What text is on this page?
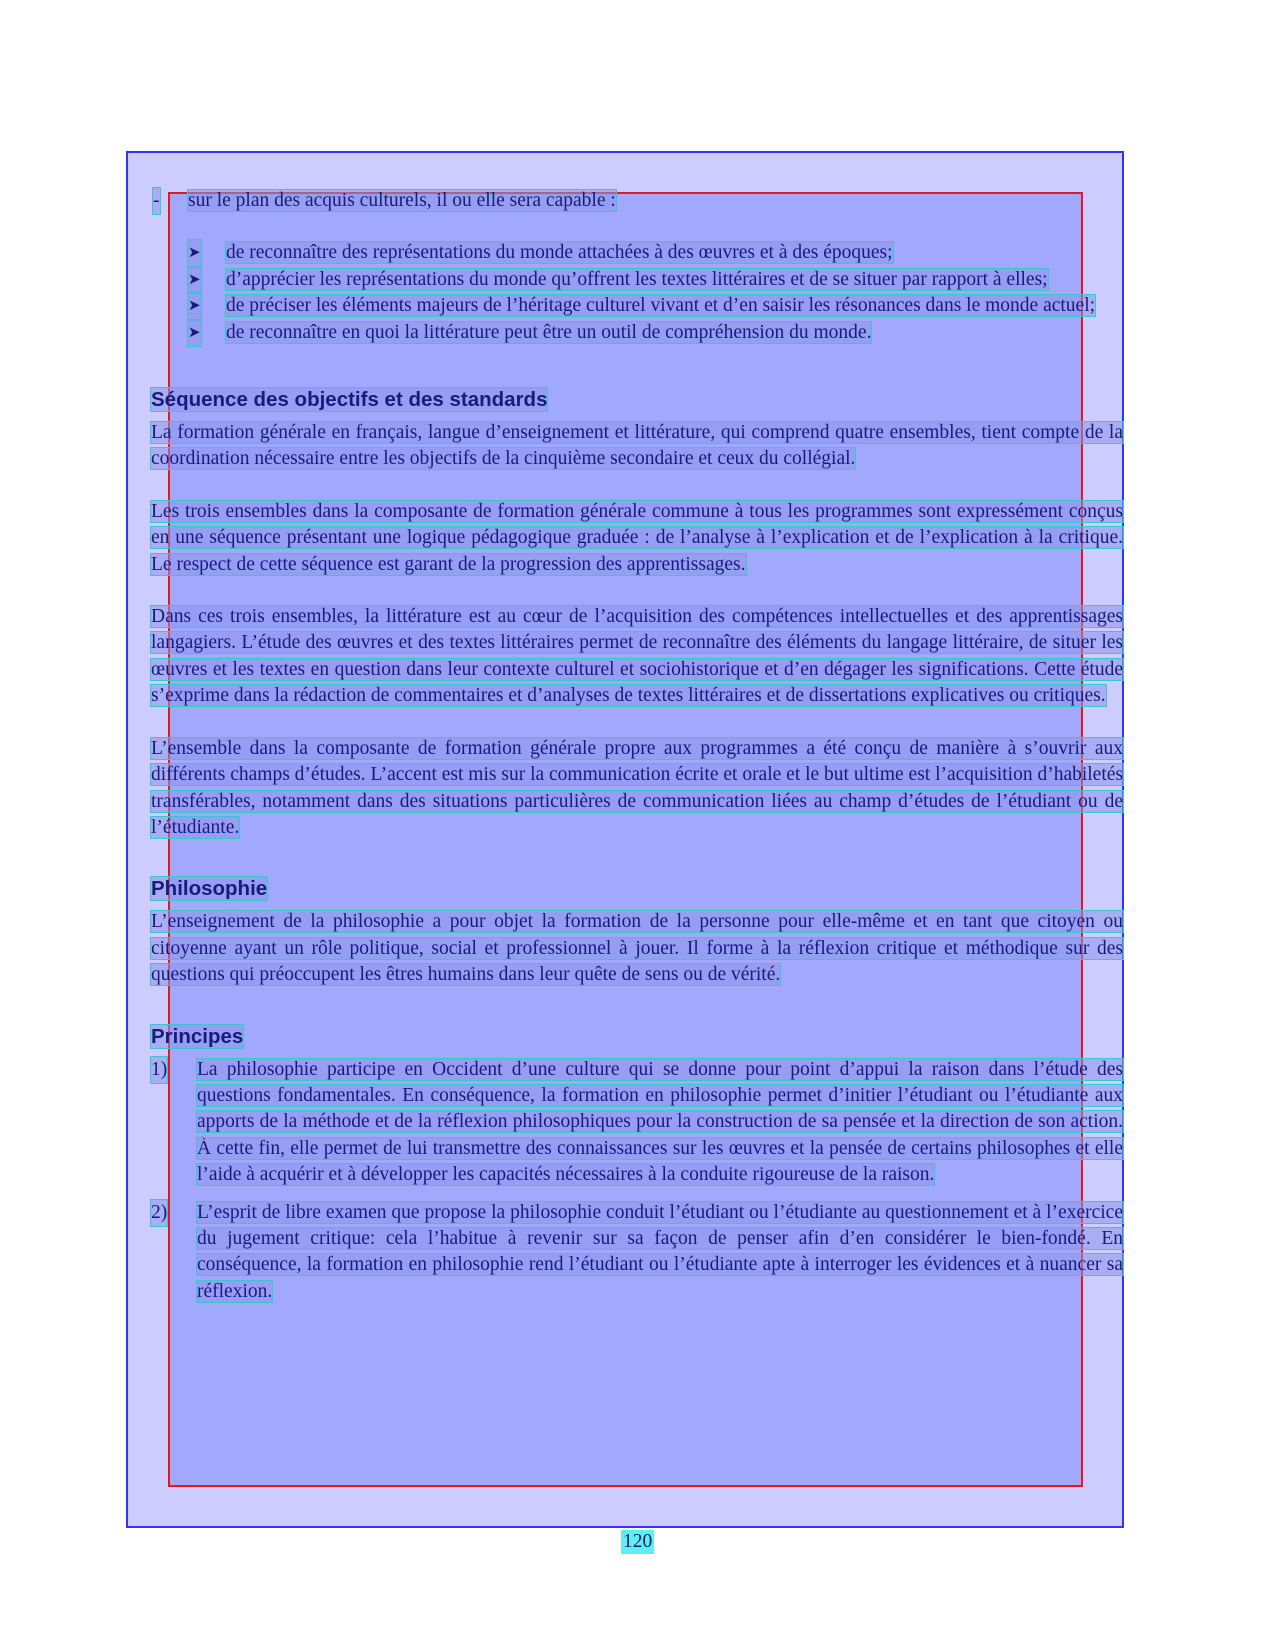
- sur le plan des acquis culturels, il ou elle sera capable :

➤ de reconnaître des représentations du monde attachées à des œuvres et à des époques;
➤ d’apprécier les représentations du monde qu’offrent les textes littéraires et de se situer par rapport à elles;
➤ de préciser les éléments majeurs de l’héritage culturel vivant et d’en saisir les résonances dans le monde actuel;
➤ de reconnaître en quoi la littérature peut être un outil de compréhension du monde.
Séquence des objectifs et des standards

La formation générale en français, langue d’enseignement et littérature, qui comprend quatre ensembles, tient compte de la coordination nécessaire entre les objectifs de la cinquième secondaire et ceux du collégial.

Les trois ensembles dans la composante de formation générale commune à tous les programmes sont expressément conçus en une séquence présentant une logique pédagogique graduée : de l’analyse à l’explication et de l’explication à la critique. Le respect de cette séquence est garant de la progression des apprentissages.

Dans ces trois ensembles, la littérature est au cœur de l’acquisition des compétences intellectuelles et des apprentissages langagiers. L’étude des œuvres et des textes littéraires permet de reconnaître des éléments du langage littéraire, de situer les œuvres et les textes en question dans leur contexte culturel et sociohistorique et d’en dégager les significations. Cette étude s’exprime dans la rédaction de commentaires et d’analyses de textes littéraires et de dissertations explicatives ou critiques.

L’ensemble dans la composante de formation générale propre aux programmes a été conçu de manière à s’ouvrir aux différents champs d’études. L’accent est mis sur la communication écrite et orale et le but ultime est l’acquisition d’habiletés transférables, notamment dans des situations particulières de communication liées au champ d’études de l’étudiant ou de l’étudiante.

Philosophie

L’enseignement de la philosophie a pour objet la formation de la personne pour elle-même et en tant que citoyen ou citoyenne ayant un rôle politique, social et professionnel à jouer. Il forme à la réflexion critique et méthodique sur des questions qui préoccupent les êtres humains dans leur quête de sens ou de vérité.

Principes

1) La philosophie participe en Occident d’une culture qui se donne pour point d’appui la raison dans l’étude des questions fondamentales. En conséquence, la formation en philosophie permet d’initier l’étudiant ou l’étudiante aux apports de la méthode et de la réflexion philosophiques pour la construction de sa pensée et la direction de son action. À cette fin, elle permet de lui transmettre des connaissances sur les œuvres et la pensée de certains philosophes et elle l’aide à acquérir et à développer les capacités nécessaires à la conduite rigoureuse de la raison.

2) L’esprit de libre examen que propose la philosophie conduit l’étudiant ou l’étudiante au questionnement et à l’exercice du jugement critique: cela l’habitue à revenir sur sa façon de penser afin d’en considérer le bien-fondé. En conséquence, la formation en philosophie rend l’étudiant ou l’étudiante apte à interroger les évidences et à nuancer sa réflexion.

120
